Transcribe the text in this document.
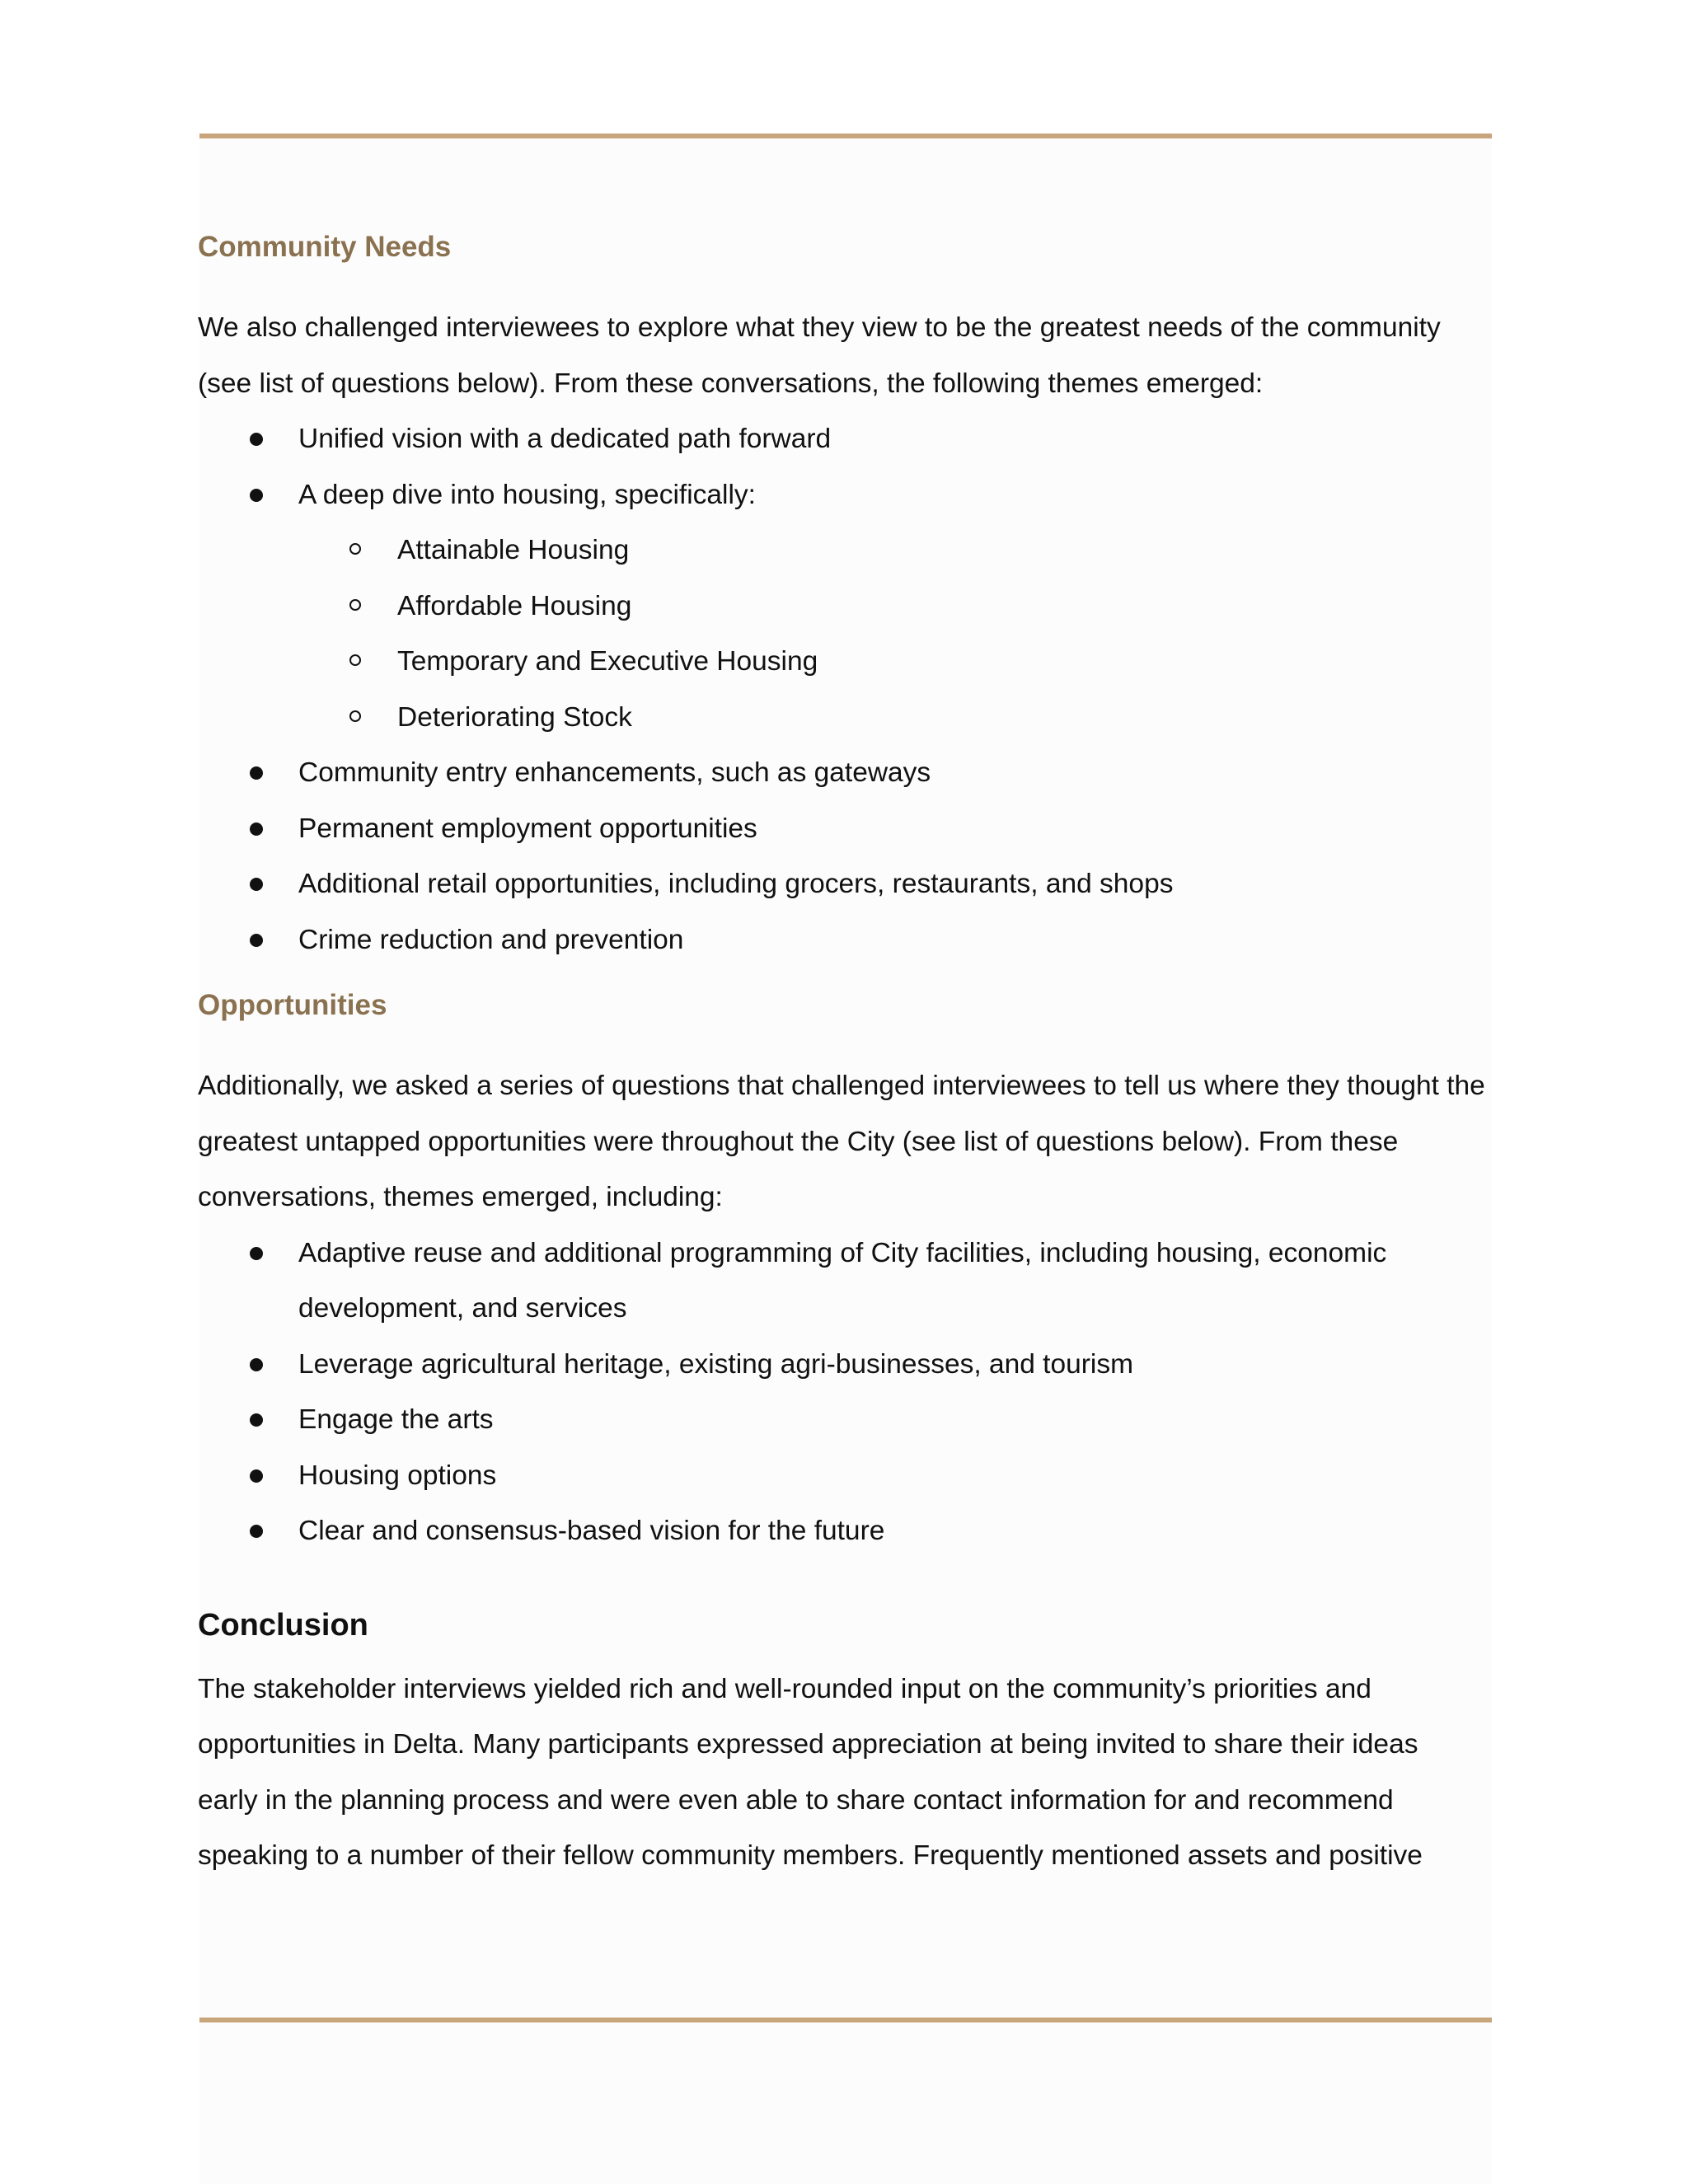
Community Needs

We also challenged interviewees to explore what they view to be the greatest needs of the community (see list of questions below). From these conversations, the following themes emerged:

Unified vision with a dedicated path forward
A deep dive into housing, specifically:
Attainable Housing
Affordable Housing
Temporary and Executive Housing
Deteriorating Stock
Community entry enhancements, such as gateways
Permanent employment opportunities
Additional retail opportunities, including grocers, restaurants, and shops
Crime reduction and prevention
Opportunities

Additionally, we asked a series of questions that challenged interviewees to tell us where they thought the greatest untapped opportunities were throughout the City (see list of questions below). From these conversations, themes emerged, including:

Adaptive reuse and additional programming of City facilities, including housing, economic development, and services
Leverage agricultural heritage, existing agri-businesses, and tourism
Engage the arts
Housing options
Clear and consensus-based vision for the future
Conclusion

The stakeholder interviews yielded rich and well-rounded input on the community’s priorities and opportunities in Delta. Many participants expressed appreciation at being invited to share their ideas early in the planning process and were even able to share contact information for and recommend speaking to a number of their fellow community members. Frequently mentioned assets and positive
